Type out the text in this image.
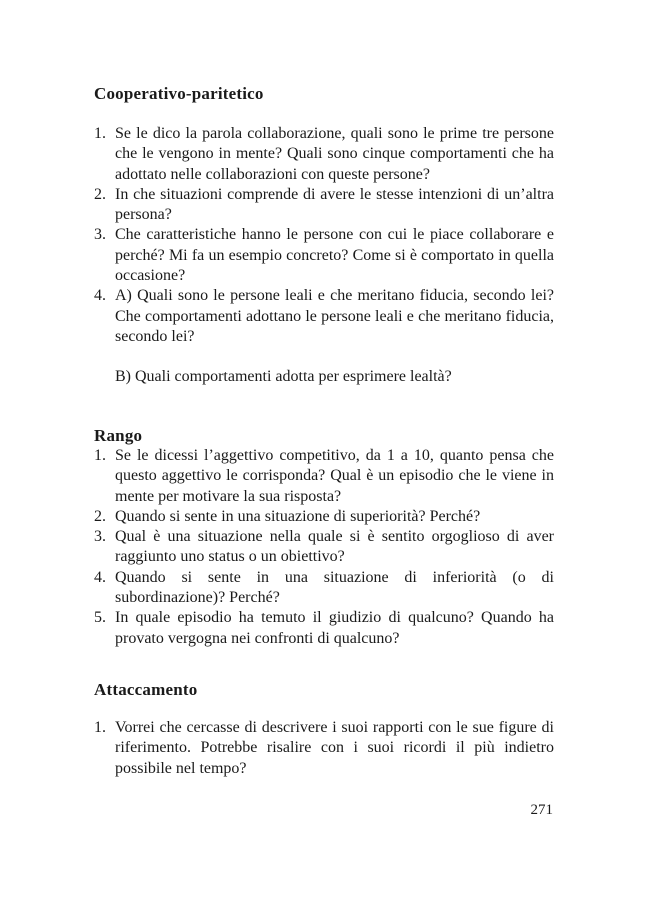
Cooperativo-paritetico
1. Se le dico la parola collaborazione, quali sono le prime tre persone che le vengono in mente? Quali sono cinque comportamenti che ha adottato nelle collaborazioni con queste persone?
2. In che situazioni comprende di avere le stesse intenzioni di un’altra persona?
3. Che caratteristiche hanno le persone con cui le piace collaborare e perché? Mi fa un esempio concreto? Come si è comportato in quella occasione?
4. A) Quali sono le persone leali e che meritano fiducia, secondo lei? Che comportamenti adottano le persone leali e che meritano fiducia, secondo lei?
B) Quali comportamenti adotta per esprimere lealtà?
Rango
1. Se le dicessi l’aggettivo competitivo, da 1 a 10, quanto pensa che questo aggettivo le corrisponda? Qual è un episodio che le viene in mente per motivare la sua risposta?
2. Quando si sente in una situazione di superiorità? Perché?
3. Qual è una situazione nella quale si è sentito orgoglioso di aver raggiunto uno status o un obiettivo?
4. Quando si sente in una situazione di inferiorità (o di subordinazione)? Perché?
5. In quale episodio ha temuto il giudizio di qualcuno? Quando ha provato vergogna nei confronti di qualcuno?
Attaccamento
1. Vorrei che cercasse di descrivere i suoi rapporti con le sue figure di riferimento. Potrebbe risalire con i suoi ricordi il più indietro possibile nel tempo?
271
